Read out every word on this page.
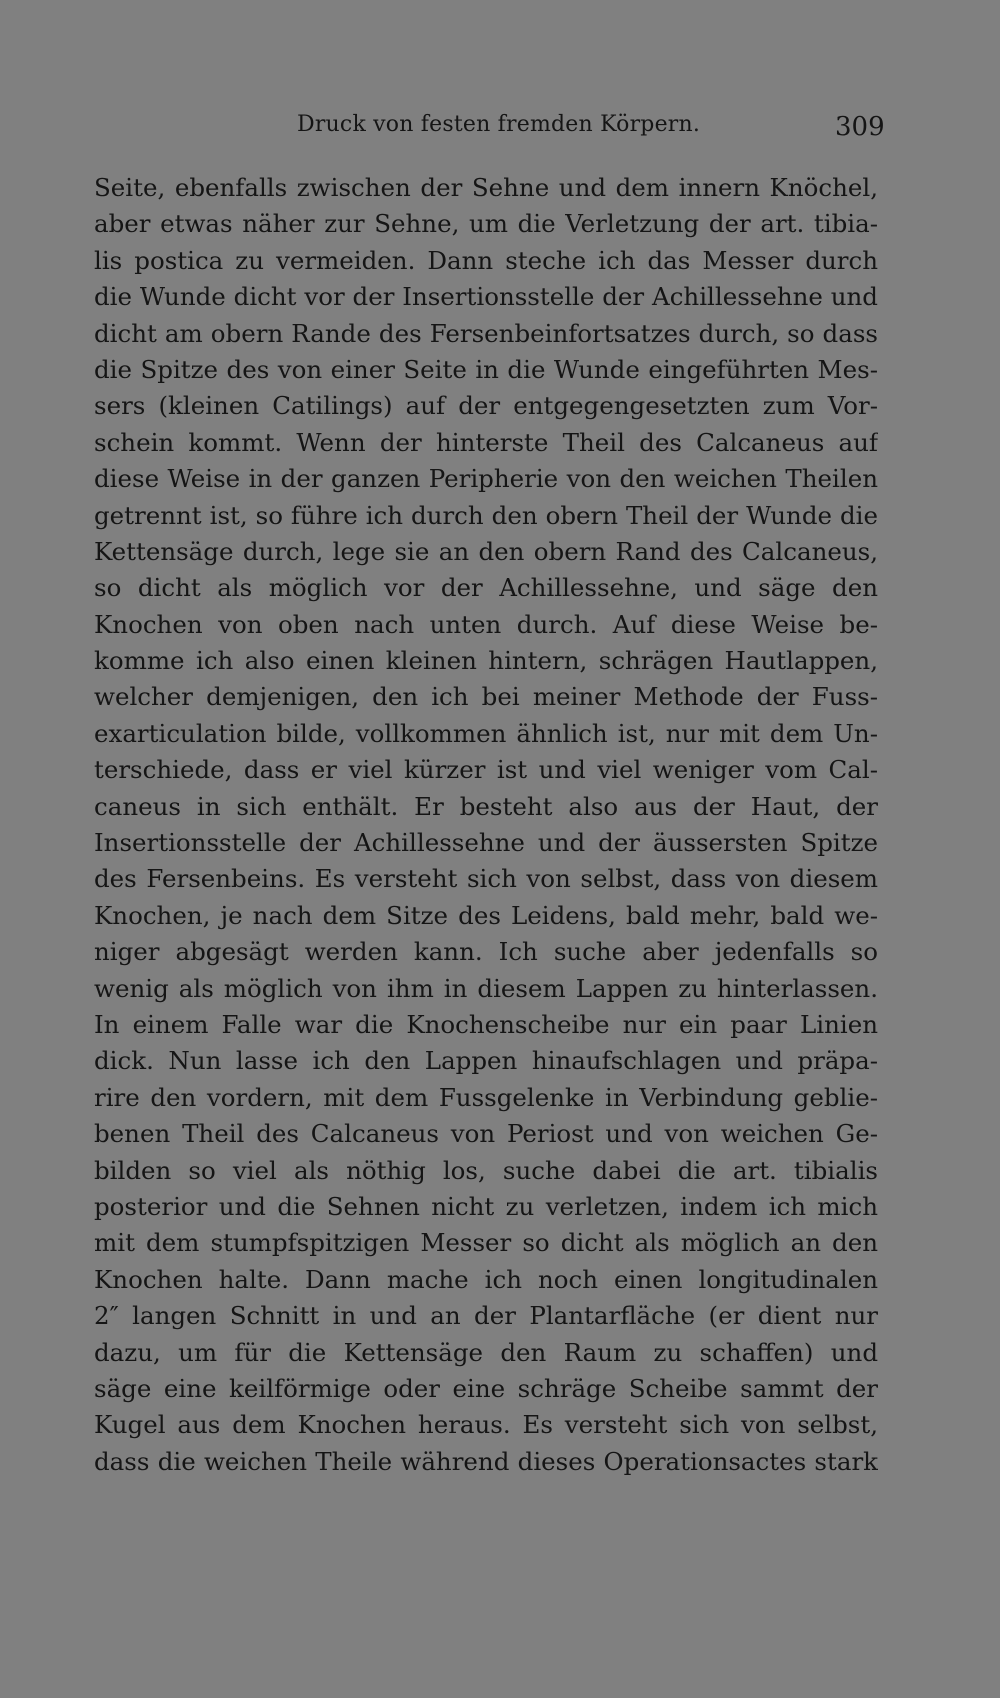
Druck von festen fremden Körpern.	309
Seite, ebenfalls zwischen der Sehne und dem innern Knöchel,
aber etwas näher zur Sehne, um die Verletzung der art. tibia-
lis postica zu vermeiden. Dann steche ich das Messer durch
die Wunde dicht vor der Insertionsstelle der Achillessehne und
dicht am obern Rande des Fersenbeinfortsatzes durch, so dass
die Spitze des von einer Seite in die Wunde eingeführten Mes-
sers (kleinen Catilings) auf der entgegengesetzten zum Vor-
schein kommt. Wenn der hinterste Theil des Calcaneus auf
diese Weise in der ganzen Peripherie von den weichen Theilen
getrennt ist, so führe ich durch den obern Theil der Wunde die
Kettensäge durch, lege sie an den obern Rand des Calcaneus,
so dicht als möglich vor der Achillessehne, und säge den
Knochen von oben nach unten durch. Auf diese Weise be-
komme ich also einen kleinen hintern, schrägen Hautlappen,
welcher demjenigen, den ich bei meiner Methode der Fuss-
exarticulation bilde, vollkommen ähnlich ist, nur mit dem Un-
terschiede, dass er viel kürzer ist und viel weniger vom Cal-
caneus in sich enthält. Er besteht also aus der Haut, der
Insertionsstelle der Achillessehne und der äussersten Spitze
des Fersenbeins. Es versteht sich von selbst, dass von diesem
Knochen, je nach dem Sitze des Leidens, bald mehr, bald we-
niger abgesägt werden kann. Ich suche aber jedenfalls so
wenig als möglich von ihm in diesem Lappen zu hinterlassen.
In einem Falle war die Knochenscheibe nur ein paar Linien
dick. Nun lasse ich den Lappen hinaufschlagen und präpa-
rire den vordern, mit dem Fussgelenke in Verbindung geblie-
benen Theil des Calcaneus von Periost und von weichen Ge-
bilden so viel als nöthig los, suche dabei die art. tibialis
posterior und die Sehnen nicht zu verletzen, indem ich mich
mit dem stumpfspitzigen Messer so dicht als möglich an den
Knochen halte. Dann mache ich noch einen longitudinalen
2″ langen Schnitt in und an der Plantarfläche (er dient nur
dazu, um für die Kettensäge den Raum zu schaffen) und
säge eine keilförmige oder eine schräge Scheibe sammt der
Kugel aus dem Knochen heraus. Es versteht sich von selbst,
dass die weichen Theile während dieses Operationsactes stark
